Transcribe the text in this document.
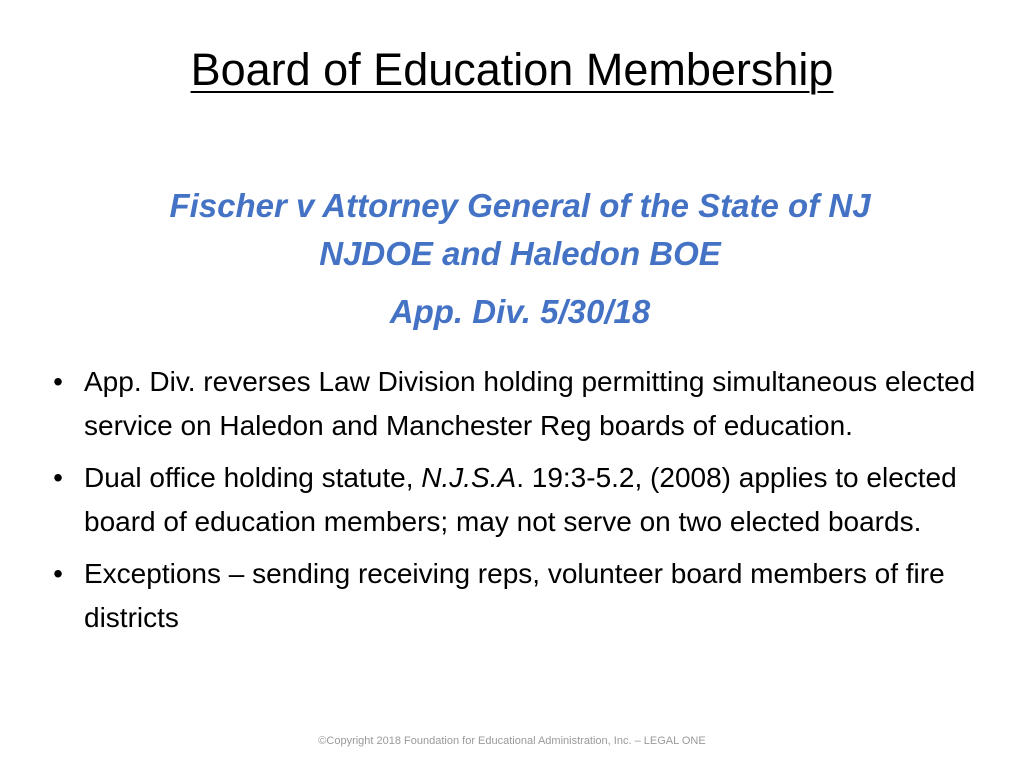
Board of Education Membership
Fischer v Attorney General of the State of NJ
NJDOE and Haledon BOE
App. Div. 5/30/18
• App. Div. reverses Law Division holding permitting simultaneous elected service on Haledon and Manchester Reg boards of education.
• Dual office holding statute, N.J.S.A. 19:3-5.2, (2008) applies to elected board of education members; may not serve on two elected boards.
• Exceptions – sending receiving reps, volunteer board members of fire districts
©Copyright 2018 Foundation for Educational Administration, Inc. – LEGAL ONE
